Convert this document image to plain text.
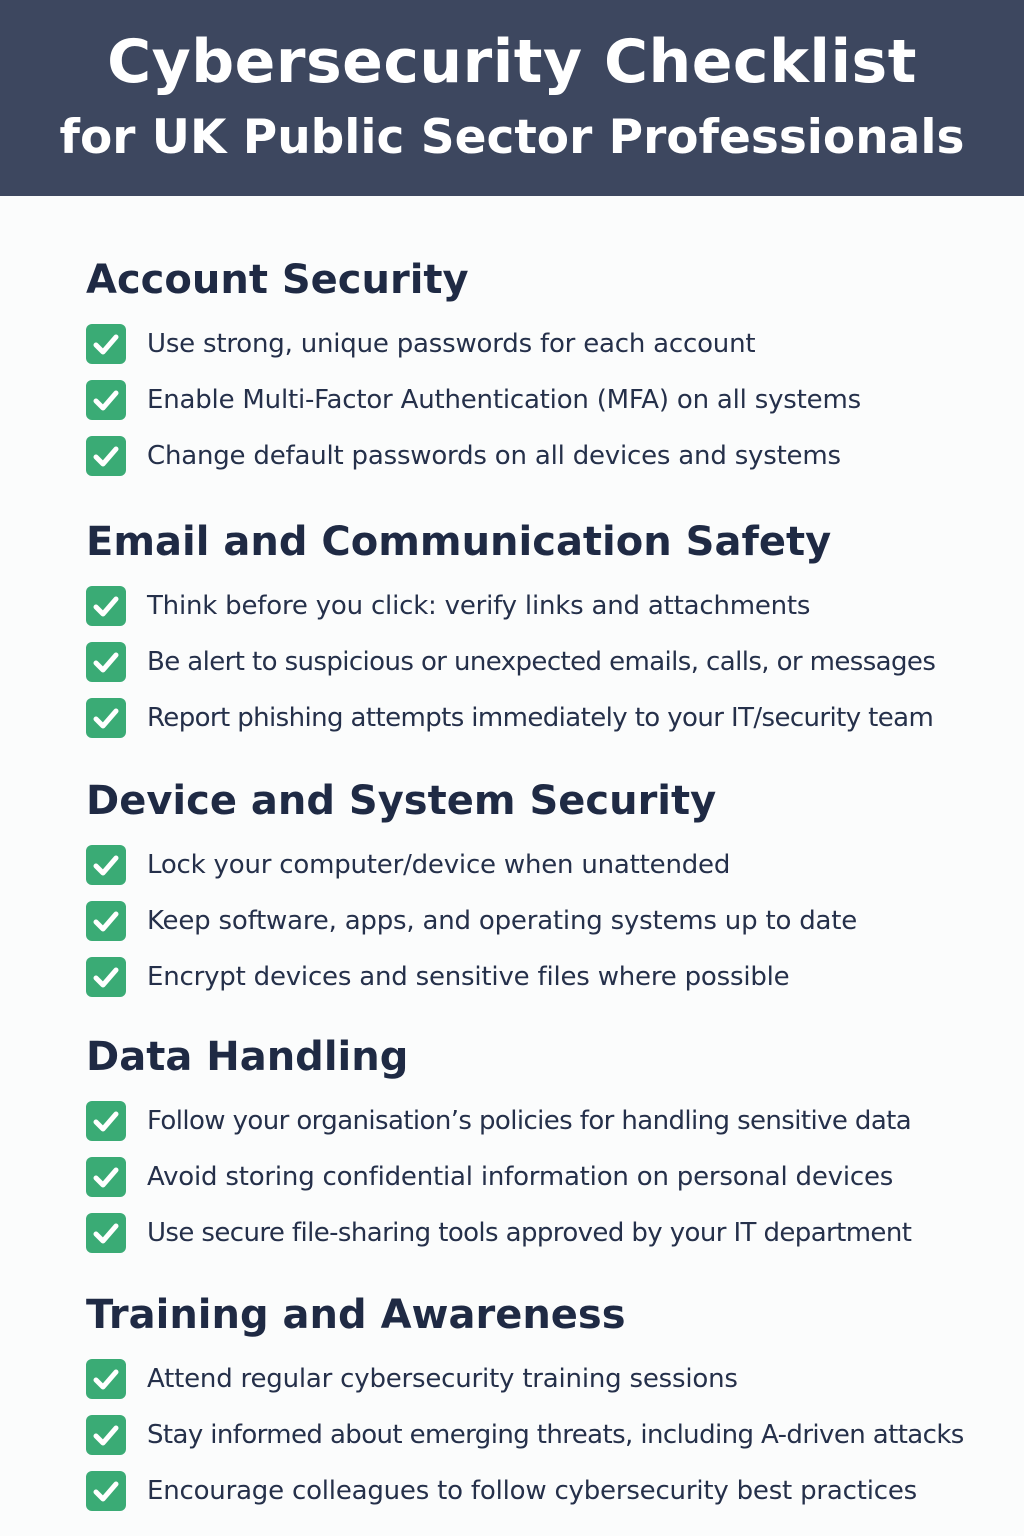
Cybersecurity Checklist
for UK Public Sector Professionals
Account Security
Use strong, unique passwords for each account
Enable Multi-Factor Authentication (MFA) on all systems
Change default passwords on all devices and systems
Email and Communication Safety
Think before you click: verify links and attachments
Be alert to suspicious or unexpected emails, calls, or messages
Report phishing attempts immediately to your IT/security team
Device and System Security
Lock your computer/device when unattended
Keep software, apps, and operating systems up to date
Encrypt devices and sensitive files where possible
Data Handling
Follow your organisation’s policies for handling sensitive data
Avoid storing confidential information on personal devices
Use secure file-sharing tools approved by your IT department
Training and Awareness
Attend regular cybersecurity training sessions
Stay informed about emerging threats, including A-driven attacks
Encourage colleagues to follow cybersecurity best practices
